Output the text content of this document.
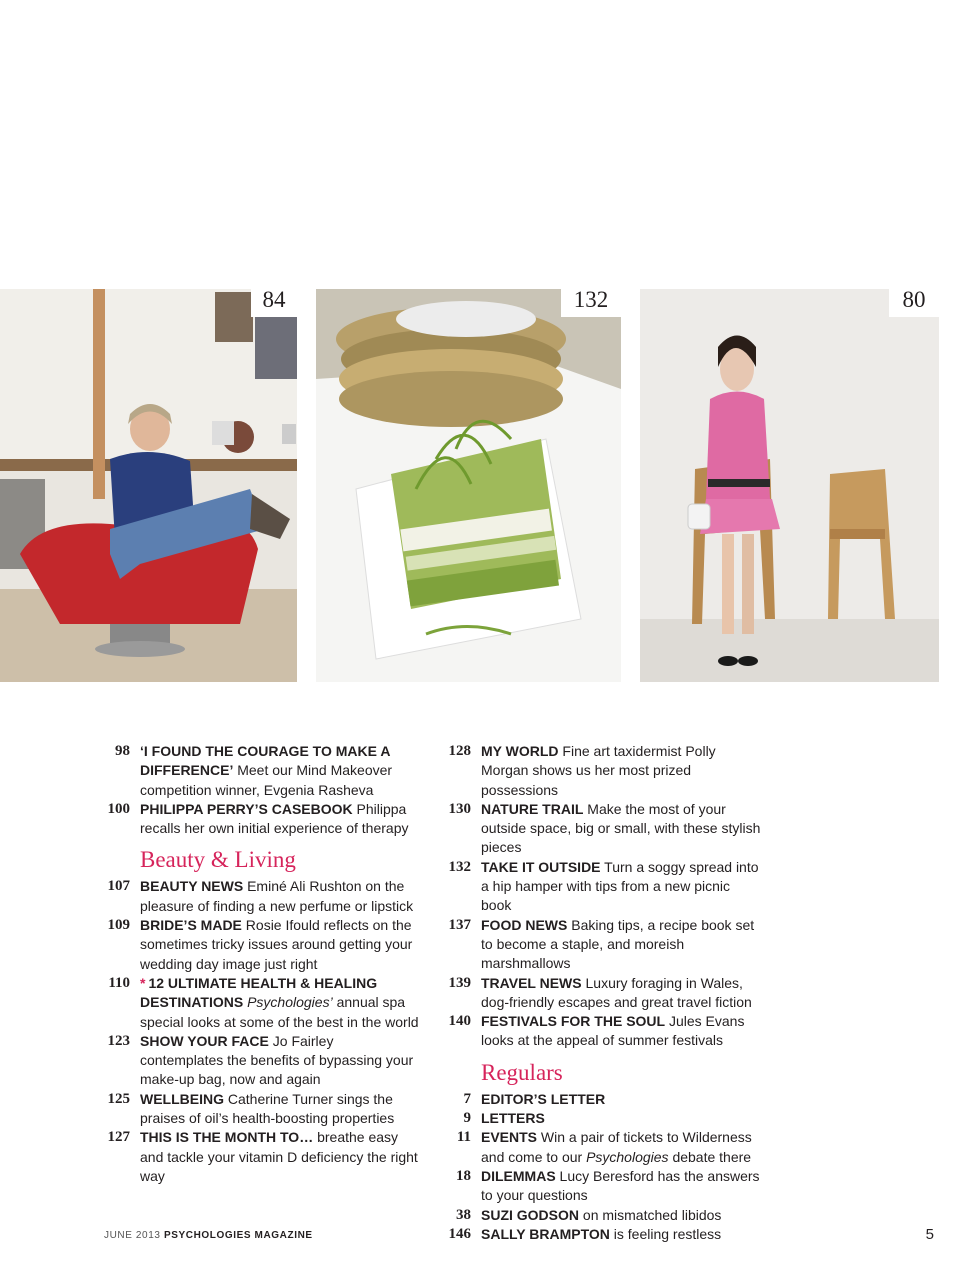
84	132	80
98 ‘I FOUND THE COURAGE TO MAKE A DIFFERENCE’ Meet our Mind Makeover competition winner, Evgenia Rasheva
100 PHILIPPA PERRY’S CASEBOOK Philippa recalls her own initial experience of therapy
Beauty & Living
107 BEAUTY NEWS Eminé Ali Rushton on the pleasure of finding a new perfume or lipstick
109 BRIDE’S MADE Rosie Ifould reflects on the sometimes tricky issues around getting your wedding day image just right
110 * 12 ULTIMATE HEALTH & HEALING DESTINATIONS Psychologies’ annual spa special looks at some of the best in the world
123 SHOW YOUR FACE Jo Fairley contemplates the benefits of bypassing your make-up bag, now and again
125 WELLBEING Catherine Turner sings the praises of oil’s health-boosting properties
127 THIS IS THE MONTH TO… breathe easy and tackle your vitamin D deficiency the right way
128 MY WORLD Fine art taxidermist Polly Morgan shows us her most prized possessions
130 NATURE TRAIL Make the most of your outside space, big or small, with these stylish pieces
132 TAKE IT OUTSIDE Turn a soggy spread into a hip hamper with tips from a new picnic book
137 FOOD NEWS Baking tips, a recipe book set to become a staple, and moreish marshmallows
139 TRAVEL NEWS Luxury foraging in Wales, dog-friendly escapes and great travel fiction
140 FESTIVALS FOR THE SOUL Jules Evans looks at the appeal of summer festivals
Regulars
7 EDITOR’S LETTER
9 LETTERS
11 EVENTS Win a pair of tickets to Wilderness and come to our Psychologies debate there
18 DILEMMAS Lucy Beresford has the answers to your questions
38 SUZI GODSON on mismatched libidos
146 SALLY BRAMPTON is feeling restless
JUNE 2013 PSYCHOLOGIES MAGAZINE	5
